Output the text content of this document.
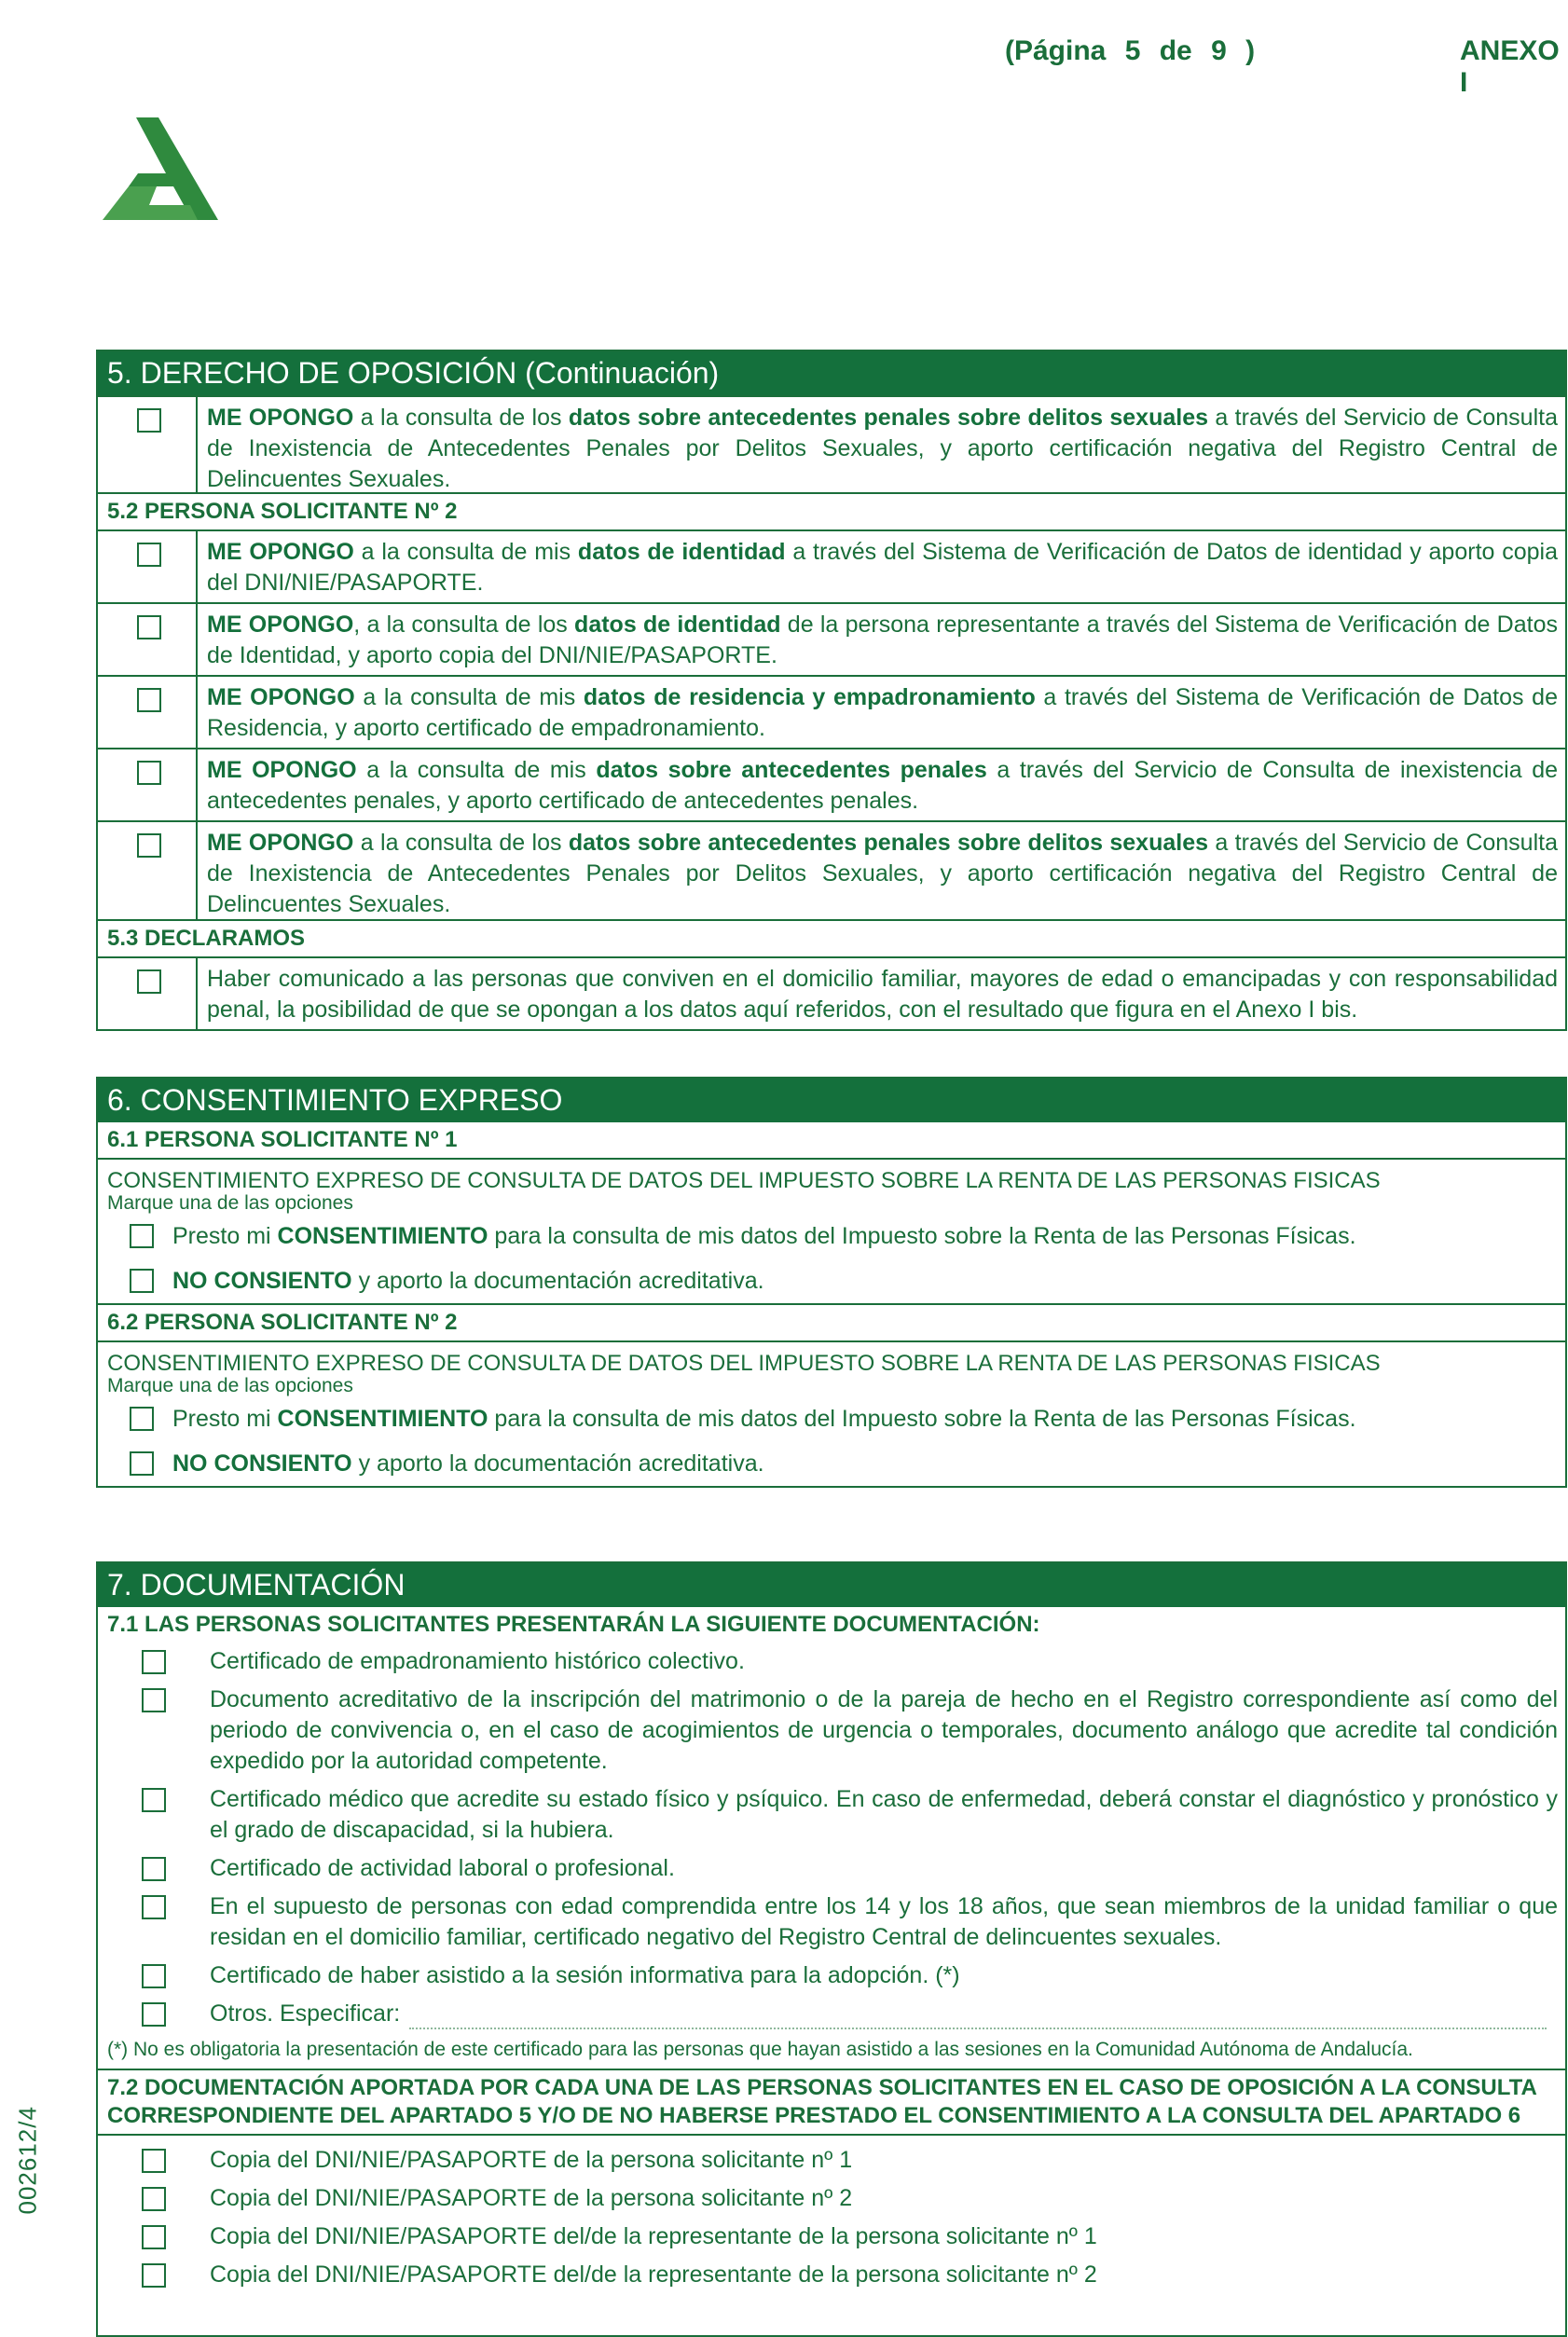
(Página 5 de 9 )	ANEXO I
002612/4
5. DERECHO DE OPOSICIÓN (Continuación)
ME OPONGO a la consulta de los datos sobre antecedentes penales sobre delitos sexuales a través del Servicio de Consulta de Inexistencia de Antecedentes Penales por Delitos Sexuales, y aporto certificación negativa del Registro Central de Delincuentes Sexuales.
5.2 PERSONA SOLICITANTE Nº 2
ME OPONGO a la consulta de mis datos de identidad a través del Sistema de Verificación de Datos de identidad y aporto copia del DNI/NIE/PASAPORTE.
ME OPONGO, a la consulta de los datos de identidad de la persona representante a través del Sistema de Verificación de Datos de Identidad, y aporto copia del DNI/NIE/PASAPORTE.
ME OPONGO a la consulta de mis datos de residencia y empadronamiento a través del Sistema de Verificación de Datos de Residencia, y aporto certificado de empadronamiento.
ME OPONGO a la consulta de mis datos sobre antecedentes penales a través del Servicio de Consulta de inexistencia de antecedentes penales, y aporto certificado de antecedentes penales.
ME OPONGO a la consulta de los datos sobre antecedentes penales sobre delitos sexuales a través del Servicio de Consulta de Inexistencia de Antecedentes Penales por Delitos Sexuales, y aporto certificación negativa del Registro Central de Delincuentes Sexuales.
5.3 DECLARAMOS
Haber comunicado a las personas que conviven en el domicilio familiar, mayores de edad o emancipadas y con responsabilidad penal, la posibilidad de que se opongan a los datos aquí referidos, con el resultado que figura en el Anexo I bis.
6. CONSENTIMIENTO EXPRESO
6.1 PERSONA SOLICITANTE Nº 1
CONSENTIMIENTO EXPRESO DE CONSULTA DE DATOS DEL IMPUESTO SOBRE LA RENTA DE LAS PERSONAS FISICAS
Marque una de las opciones
Presto mi CONSENTIMIENTO para la consulta de mis datos del Impuesto sobre la Renta de las Personas Físicas.
NO CONSIENTO y aporto la documentación acreditativa.
6.2 PERSONA SOLICITANTE Nº 2
CONSENTIMIENTO EXPRESO DE CONSULTA DE DATOS DEL IMPUESTO SOBRE LA RENTA DE LAS PERSONAS FISICAS
Marque una de las opciones
Presto mi CONSENTIMIENTO para la consulta de mis datos del Impuesto sobre la Renta de las Personas Físicas.
NO CONSIENTO y aporto la documentación acreditativa.
7. DOCUMENTACIÓN
7.1 LAS PERSONAS SOLICITANTES PRESENTARÁN LA SIGUIENTE DOCUMENTACIÓN:
Certificado de empadronamiento histórico colectivo.
Documento acreditativo de la inscripción del matrimonio o de la pareja de hecho en el Registro correspondiente así como del periodo de convivencia o, en el caso de acogimientos de urgencia o temporales, documento análogo que acredite tal condición expedido por la autoridad competente.
Certificado médico que acredite su estado físico y psíquico. En caso de enfermedad, deberá constar el diagnóstico y pronóstico y el grado de discapacidad, si la hubiera.
Certificado de actividad laboral o profesional.
En el supuesto de personas con edad comprendida entre los 14 y los 18 años, que sean miembros de la unidad familiar o que residan en el domicilio familiar, certificado negativo del Registro Central de delincuentes sexuales.
Certificado de haber asistido a la sesión informativa para la adopción. (*)
Otros. Especificar:
(*) No es obligatoria la presentación de este certificado para las personas que hayan asistido a las sesiones en la Comunidad Autónoma de Andalucía.
7.2 DOCUMENTACIÓN APORTADA POR CADA UNA DE LAS PERSONAS SOLICITANTES EN EL CASO DE OPOSICIÓN A LA CONSULTA CORRESPONDIENTE DEL APARTADO 5 Y/O DE NO HABERSE PRESTADO EL CONSENTIMIENTO A LA CONSULTA DEL APARTADO 6
Copia del DNI/NIE/PASAPORTE de la persona solicitante nº 1
Copia del DNI/NIE/PASAPORTE de la persona solicitante nº 2
Copia del DNI/NIE/PASAPORTE del/de la representante de la persona solicitante nº 1
Copia del DNI/NIE/PASAPORTE del/de la representante de la persona solicitante nº 2
